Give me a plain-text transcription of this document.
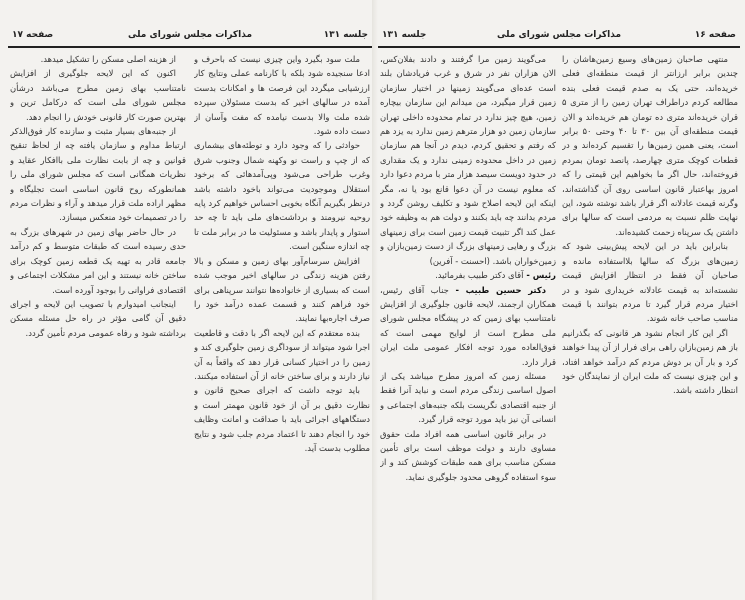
صفحه ۱۷	مذاکرات مجلس شورای ملی	جلسه ۱۳۱

ملت سود بگیرد واین چیزی نیست که باحرف و ادعا سنجیده شود بلکه با کارنامه عملی ونتایج کار ارزشیابی میگردد این فرصت ها و امکانات بدست آمده در سالهای اخیر که بدست مسئولان سپرده شده ملت والا بدست نیامده که مفت وآسان از دست داده شود.

حوادثی را که وجود دارد و توطئه‌های بیشماری که از چپ و راست نو وکهنه شمال وجنوب شرق وغرب طراحی می‌شود وپی‌آمدهائی که برخود استقلال وموجودیت می‌تواند باخود داشته باشد درنظر بگیریم آنگاه بخوبی احساس خواهیم کرد پایه روحیه نیرومند و برداشت‌های ملی باید تا چه حد استوار و پایدار باشد و مسئولیت ما در برابر ملت تا چه اندازه سنگین است.

افزایش سرسام‌آور بهای زمین و مسکن و بالا رفتن هزینه زندگی در سالهای اخیر موجب شده است که بسیاری از خانواده‌ها نتوانند سرپناهی برای خود فراهم کنند و قسمت عمده درآمد خود را صرف اجاره‌بها نمایند.

بنده معتقدم که این لایحه اگر با دقت و قاطعیت اجرا شود میتواند از سوداگری زمین جلوگیری کند و زمین را در اختیار کسانی قرار دهد که واقعاً به آن نیاز دارند و برای ساختن خانه از آن استفاده میکنند.

باید توجه داشت که اجرای صحیح قانون و نظارت دقیق بر آن از خود قانون مهمتر است و دستگاههای اجرائی باید با صداقت و امانت وظایف خود را انجام دهند تا اعتماد مردم جلب شود و نتایج مطلوب بدست آید.

از هزینه اصلی مسکن را تشکیل میدهد.

اکنون که این لایحه جلوگیری از افزایش نامتناسب بهای زمین مطرح می‌باشد درشأن مجلس شورای ملی است که درکامل ترین و بهترین صورت کار قانونی خودش را انجام دهد.

از جنبه‌های بسیار مثبت و سازنده کار فوق‌الذکر ارتباط مداوم و سازمان یافته چه از لحاظ تنقیح قوانین و چه از بابت نظارت ملی باافکار عقاید و نظریات همگانی است که مجلس شورای ملی را همانطورکه روح قانون اساسی است تجلیگاه و مظهر اراده ملت قرار میدهد و آراء و نظرات مردم را در تصمیمات خود منعکس میسازد.

در حال حاضر بهای زمین در شهرهای بزرگ به حدی رسیده است که طبقات متوسط و کم درآمد جامعه قادر به تهیه یک قطعه زمین کوچک برای ساختن خانه نیستند و این امر مشکلات اجتماعی و اقتصادی فراوانی را بوجود آورده است.

اینجانب امیدوارم با تصویب این لایحه و اجرای دقیق آن گامی مؤثر در راه حل مسئله مسکن برداشته شود و رفاه عمومی مردم تأمین گردد.

جلسه ۱۳۱	مذاکرات مجلس شورای ملی	صفحه ۱۶

منتهی صاحبان زمین‌های وسیع زمین‌هاشان را چندین برابر ارزانتر از قیمت منطقه‌ای فعلی خریده‌اند، حتی یک به صدم قیمت فعلی بنده مطالعه کردم دراطراف تهران زمین را از متری ۵ قران خریده‌اند متری ده تومان هم خریده‌اند و الان قیمت منطقه‌ای آن بین ۳۰ تا ۴۰ وحتی ۵۰ برابر است، یعنی همین زمین‌ها را تقسیم کرده‌اند و در قطعات کوچک متری چهارصد، پانصد تومان بمردم فروخته‌اند، حال اگر ما بخواهیم این قیمتی را که امروز بهاعتبار قانون اساسی روی آن گذاشته‌اند، وگرنه قیمت عادلانه اگر قرار باشد نوشته شود، این نهایت ظلم نسبت به مردمی است که سالها برای داشتن یک سرپناه زحمت کشیده‌اند.

بنابراین باید در این لایحه پیش‌بینی شود که زمین‌های بزرگ که سالها بلااستفاده مانده و صاحبان آن فقط در انتظار افزایش قیمت نشسته‌اند به قیمت عادلانه خریداری شود و در اختیار مردم قرار گیرد تا مردم بتوانند با قیمت مناسب صاحب خانه شوند.

اگر این کار انجام نشود هر قانونی که بگذرانیم باز هم زمین‌بازان راهی برای فرار از آن پیدا خواهند کرد و بار آن بر دوش مردم کم درآمد خواهد افتاد، و این چیزی نیست که ملت ایران از نمایندگان خود انتظار داشته باشد.

می‌گویند زمین مرا گرفتند و دادند بفلان‌کس، الان هزاران نفر در شرق و غرب فریادشان بلند است عده‌ای می‌گویند زمینها در اختیار سازمان زمین قرار میگیرد، من میدانم این سازمان بیچاره زمین، هیچ چیز ندارد در تمام محدوده داخلی تهران سازمان زمین دو هزار مترهم زمین ندارد به یزد هم که رفتم و تحقیق کردم، دیدم در آنجا هم سازمان زمین در داخل محدوده زمینی ندارد و یک مقداری در حدود دویست سیصد هزار متر با مردم دعوا دارد که معلوم نیست در آن دعوا قانع بود یا نه، مگر اینکه این لایحه اصلاح شود و تکلیف روشن گردد و مردم بدانند چه باید بکنند و دولت هم به وظیفه خود عمل کند اگر تثبیت قیمت زمین است برای زمینهای بزرگ و رهایی زمینهای بزرگ از دست زمین‌بازان و زمین‌خواران باشد. (احسنت - آفرین)

رئیس - آقای دکتر طبیب بفرمائید.

دکتر حسین طبیب - جناب آقای رئیس، همکاران ارجمند، لایحه قانون جلوگیری از افزایش نامتناسب بهای زمین که در پیشگاه مجلس شورای ملی مطرح است از لوایح مهمی است که فوق‌العاده مورد توجه افکار عمومی ملت ایران قرار دارد.

مسئله زمین که امروز مطرح میباشد یکی از اصول اساسی زندگی مردم است و نباید آنرا فقط از جنبه اقتصادی نگریست بلکه جنبه‌های اجتماعی و انسانی آن نیز باید مورد توجه قرار گیرد.

در برابر قانون اساسی همه افراد ملت حقوق مساوی دارند و دولت موظف است برای تأمین مسکن مناسب برای همه طبقات کوشش کند و از سوء استفاده گروهی محدود جلوگیری نماید.
